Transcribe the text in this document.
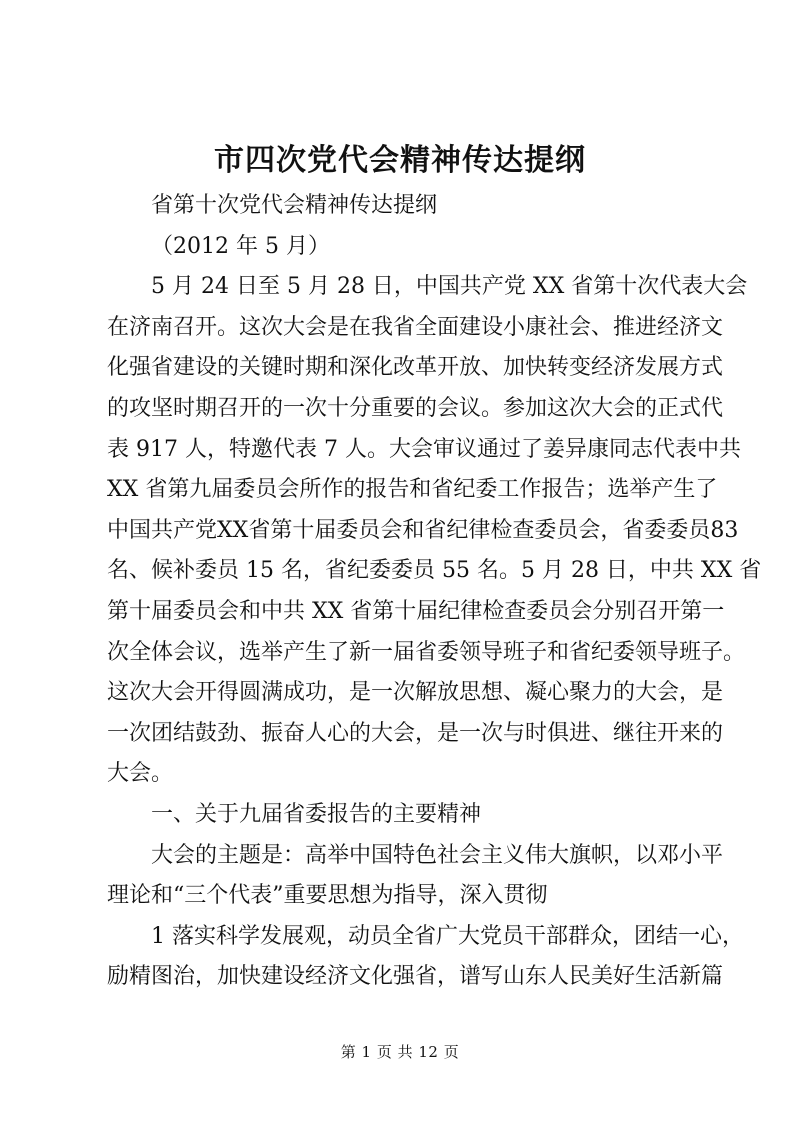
市四次党代会精神传达提纲
省第十次党代会精神传达提纲
（2012 年 5 月）
5 月 24 日至 5 月 28 日，中国共产党 XX 省第十次代表大会
在济南召开。这次大会是在我省全面建设小康社会、推进经济文
化强省建设的关键时期和深化改革开放、加快转变经济发展方式
的攻坚时期召开的一次十分重要的会议。参加这次大会的正式代
表 917 人，特邀代表 7 人。大会审议通过了姜异康同志代表中共
XX 省第九届委员会所作的报告和省纪委工作报告；选举产生了
中国共产党XX省第十届委员会和省纪律检查委员会，省委委员83
名、候补委员 15 名，省纪委委员 55 名。5 月 28 日，中共 XX 省
第十届委员会和中共 XX 省第十届纪律检查委员会分别召开第一
次全体会议，选举产生了新一届省委领导班子和省纪委领导班子。
这次大会开得圆满成功，是一次解放思想、凝心聚力的大会，是
一次团结鼓劲、振奋人心的大会，是一次与时俱进、继往开来的
大会。
一、关于九届省委报告的主要精神
大会的主题是：高举中国特色社会主义伟大旗帜，以邓小平
理论和“三个代表”重要思想为指导，深入贯彻
1 落实科学发展观，动员全省广大党员干部群众，团结一心，
励精图治，加快建设经济文化强省，谱写山东人民美好生活新篇
第 1 页 共 12 页
